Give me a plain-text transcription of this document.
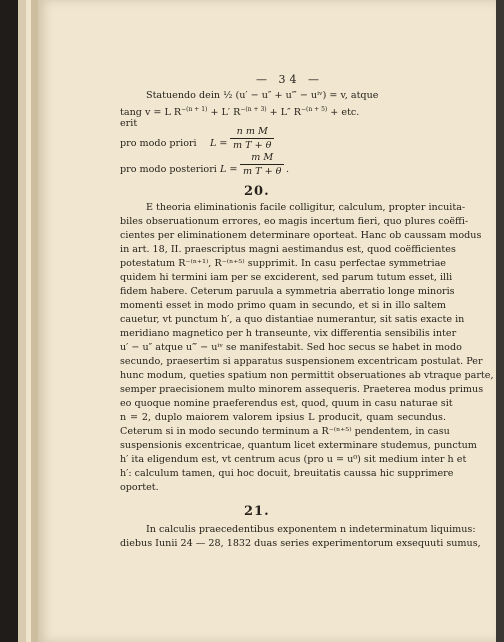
— 34 —
Statuendo dein ½ (u′ − u″ + u‴ − uⁱᵛ) = v, atque
tang v = L $R^{-(n + 1)} + L'$ $R^{-(n + 3)} + L''$ $R^{-(n + 5)}$ + etc.
erit
pro modo priori $L = \frac{\text{n m M}}{\text{m T + θ}}$
pro modo posteriori $L = \frac{\text{m M}}{\text{m T + θ}}$ .
20.
E theoria eliminationis facile colligitur, calculum, propter incuita-
biles obseruationum errores, eo magis incertum fieri, quo plures coëffi-
cientes per eliminationem determinare oporteat. Hanc ob caussam modus
in art. 18, II. praescriptus magni aestimandus est, quod coëfficientes
potestatum R⁻⁽ⁿ⁺¹⁾, R⁻⁽ⁿ⁺⁵⁾ supprimit. In casu perfectae symmetriae
quidem hi termini iam per se exciderent, sed parum tutum esset, illi
fidem habere. Ceterum paruula a symmetria aberratio longe minoris
momenti esset in modo primo quam in secundo, et si in illo saltem
cauetur, vt punctum h′, a quo distantiae numerantur, sit satis exacte in
meridiano magnetico per h transeunte, vix differentia sensibilis inter
u′ − u″ atque u‴ − uⁱᵛ se manifestabit. Sed hoc secus se habet in modo
secundo, praesertim si apparatus suspensionem excentricam postulat. Per
hunc modum, queties spatium non permittit obseruationes ab vtraque parte,
semper praecisionem multo minorem assequeris. Praeterea modus primus
eo quoque nomine praeferendus est, quod, quum in casu naturae sit
n = 2, duplo maiorem valorem ipsius L producit, quam secundus.
Ceterum si in modo secundo terminum a R⁻⁽ⁿ⁺⁵⁾ pendentem, in casu
suspensionis excentricae, quantum licet exterminare studemus, punctum
h′ ita eligendum est, vt centrum acus (pro u = u⁰) sit medium inter h et
h′: calculum tamen, qui hoc docuit, breuitatis caussa hic supprimere
oportet.
21.
In calculis praecedentibus exponentem n indeterminatum liquimus:
diebus Iunii 24 — 28, 1832 duas series experimentorum exsequuti sumus,
